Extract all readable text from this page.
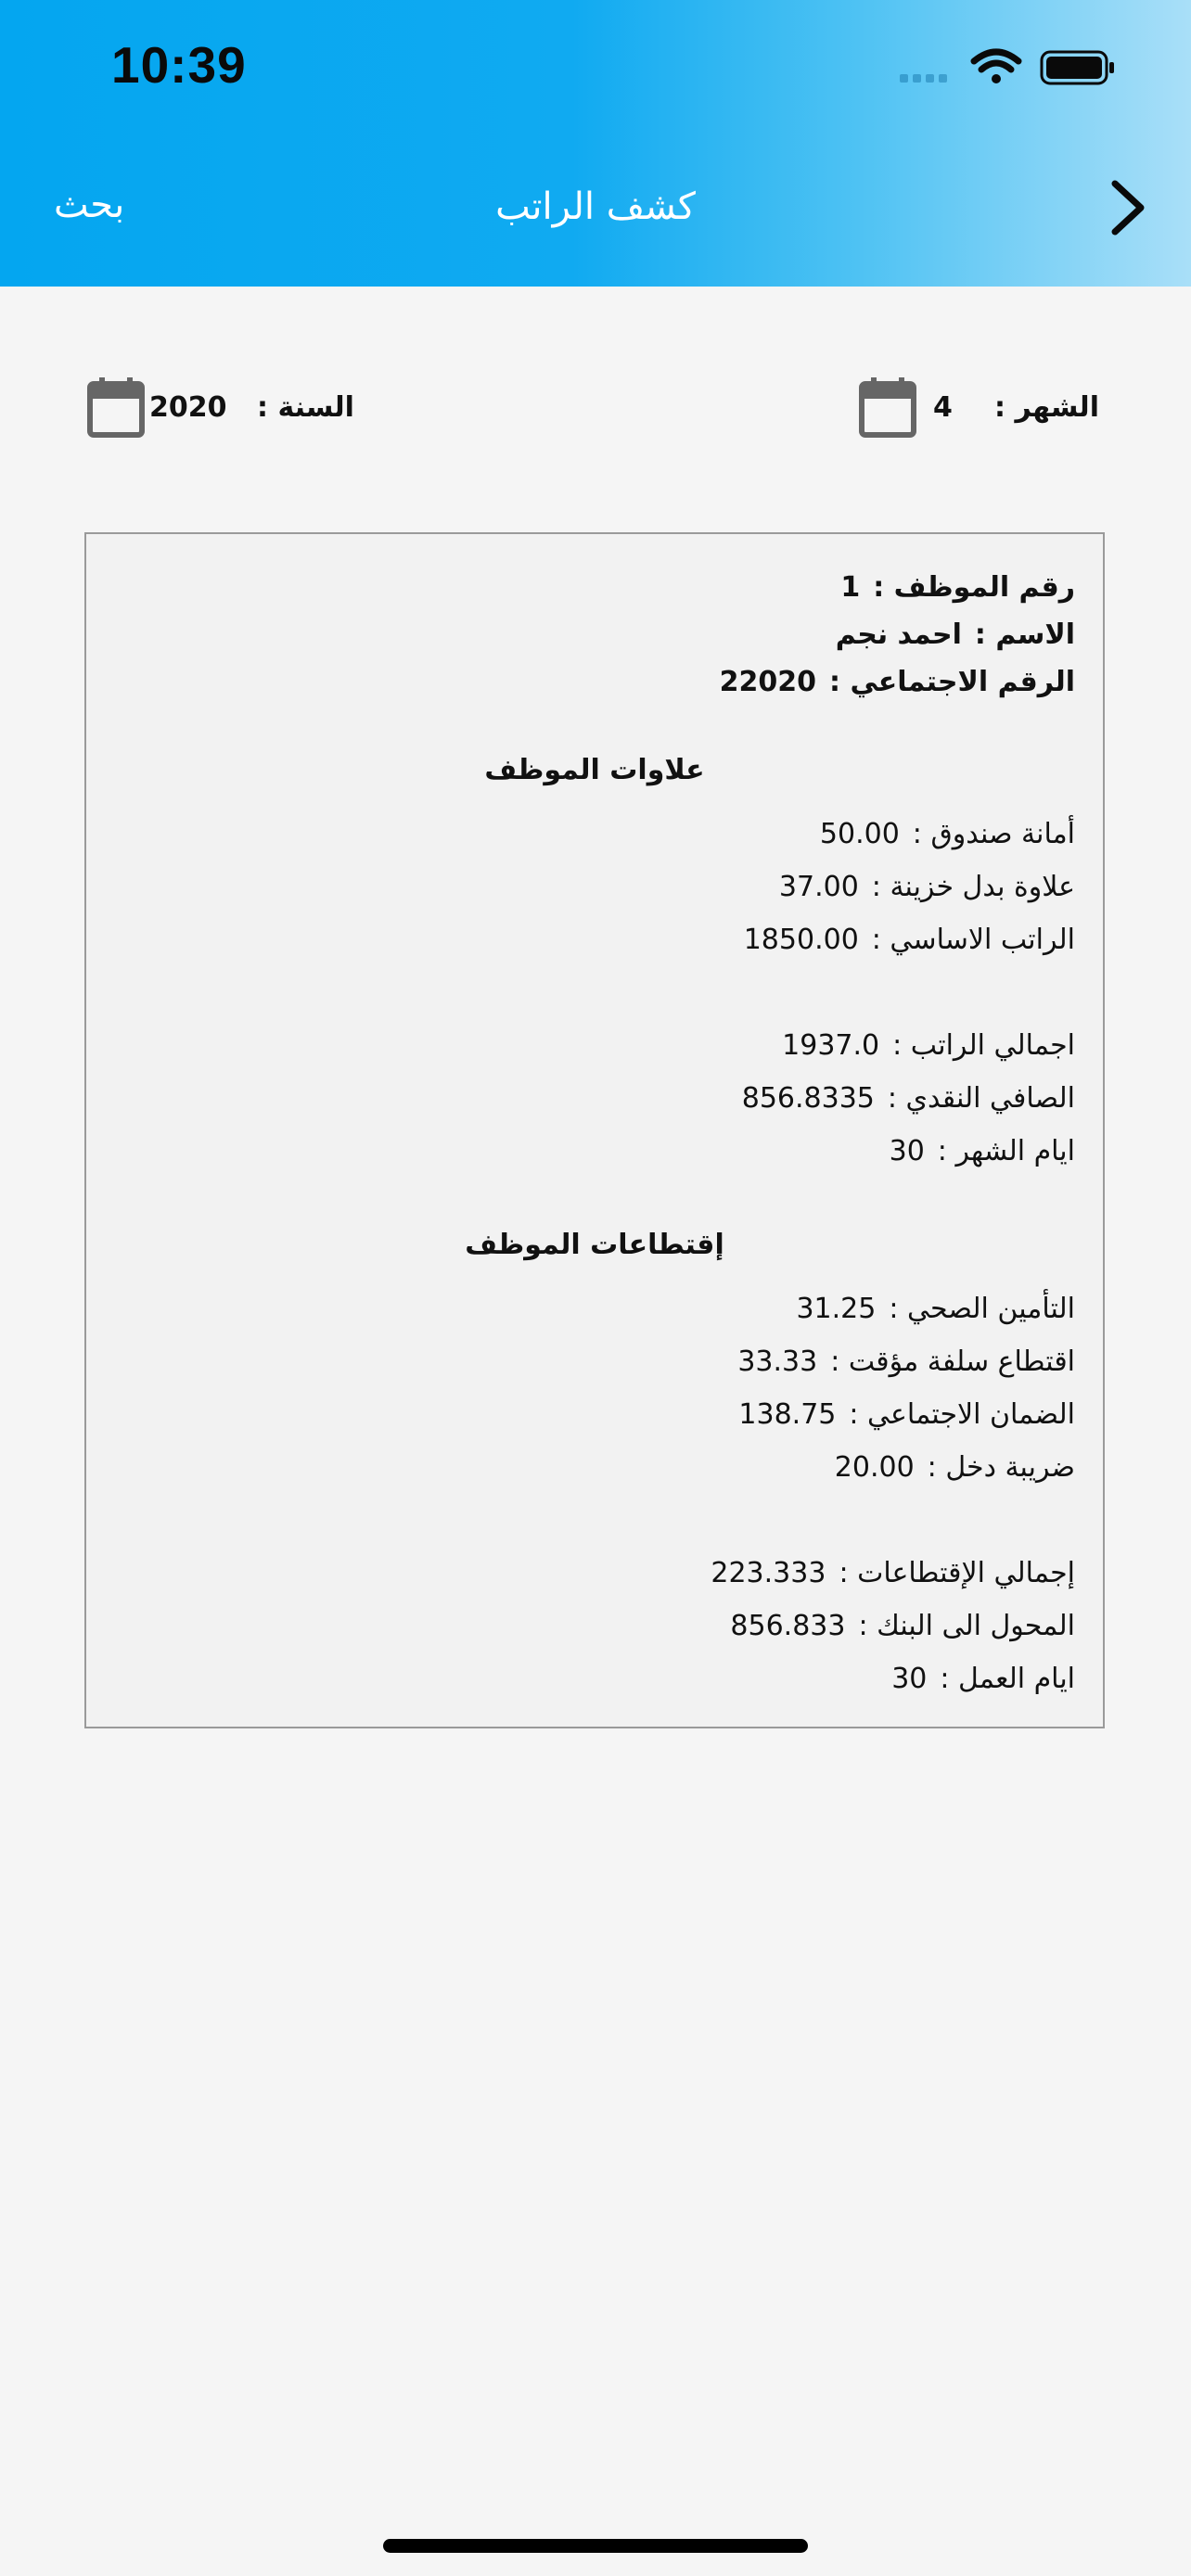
10:39
بحث	كشف الراتب
الشهر :
4
السنة :
2020
رقم الموظف :1
الاسم :احمد نجم
الرقم الاجتماعي :22020
علاوات الموظف
أمانة صندوق :50.00
علاوة بدل خزينة :37.00
الراتب الاساسي :1850.00
اجمالي الراتب :1937.0
الصافي النقدي :856.8335
ايام الشهر :30
إقتطاعات الموظف
التأمين الصحي :31.25
اقتطاع سلفة مؤقت :33.33
الضمان الاجتماعي :138.75
ضريبة دخل :20.00
إجمالي الإقتطاعات :223.333
المحول الى البنك :856.833
ايام العمل :30
